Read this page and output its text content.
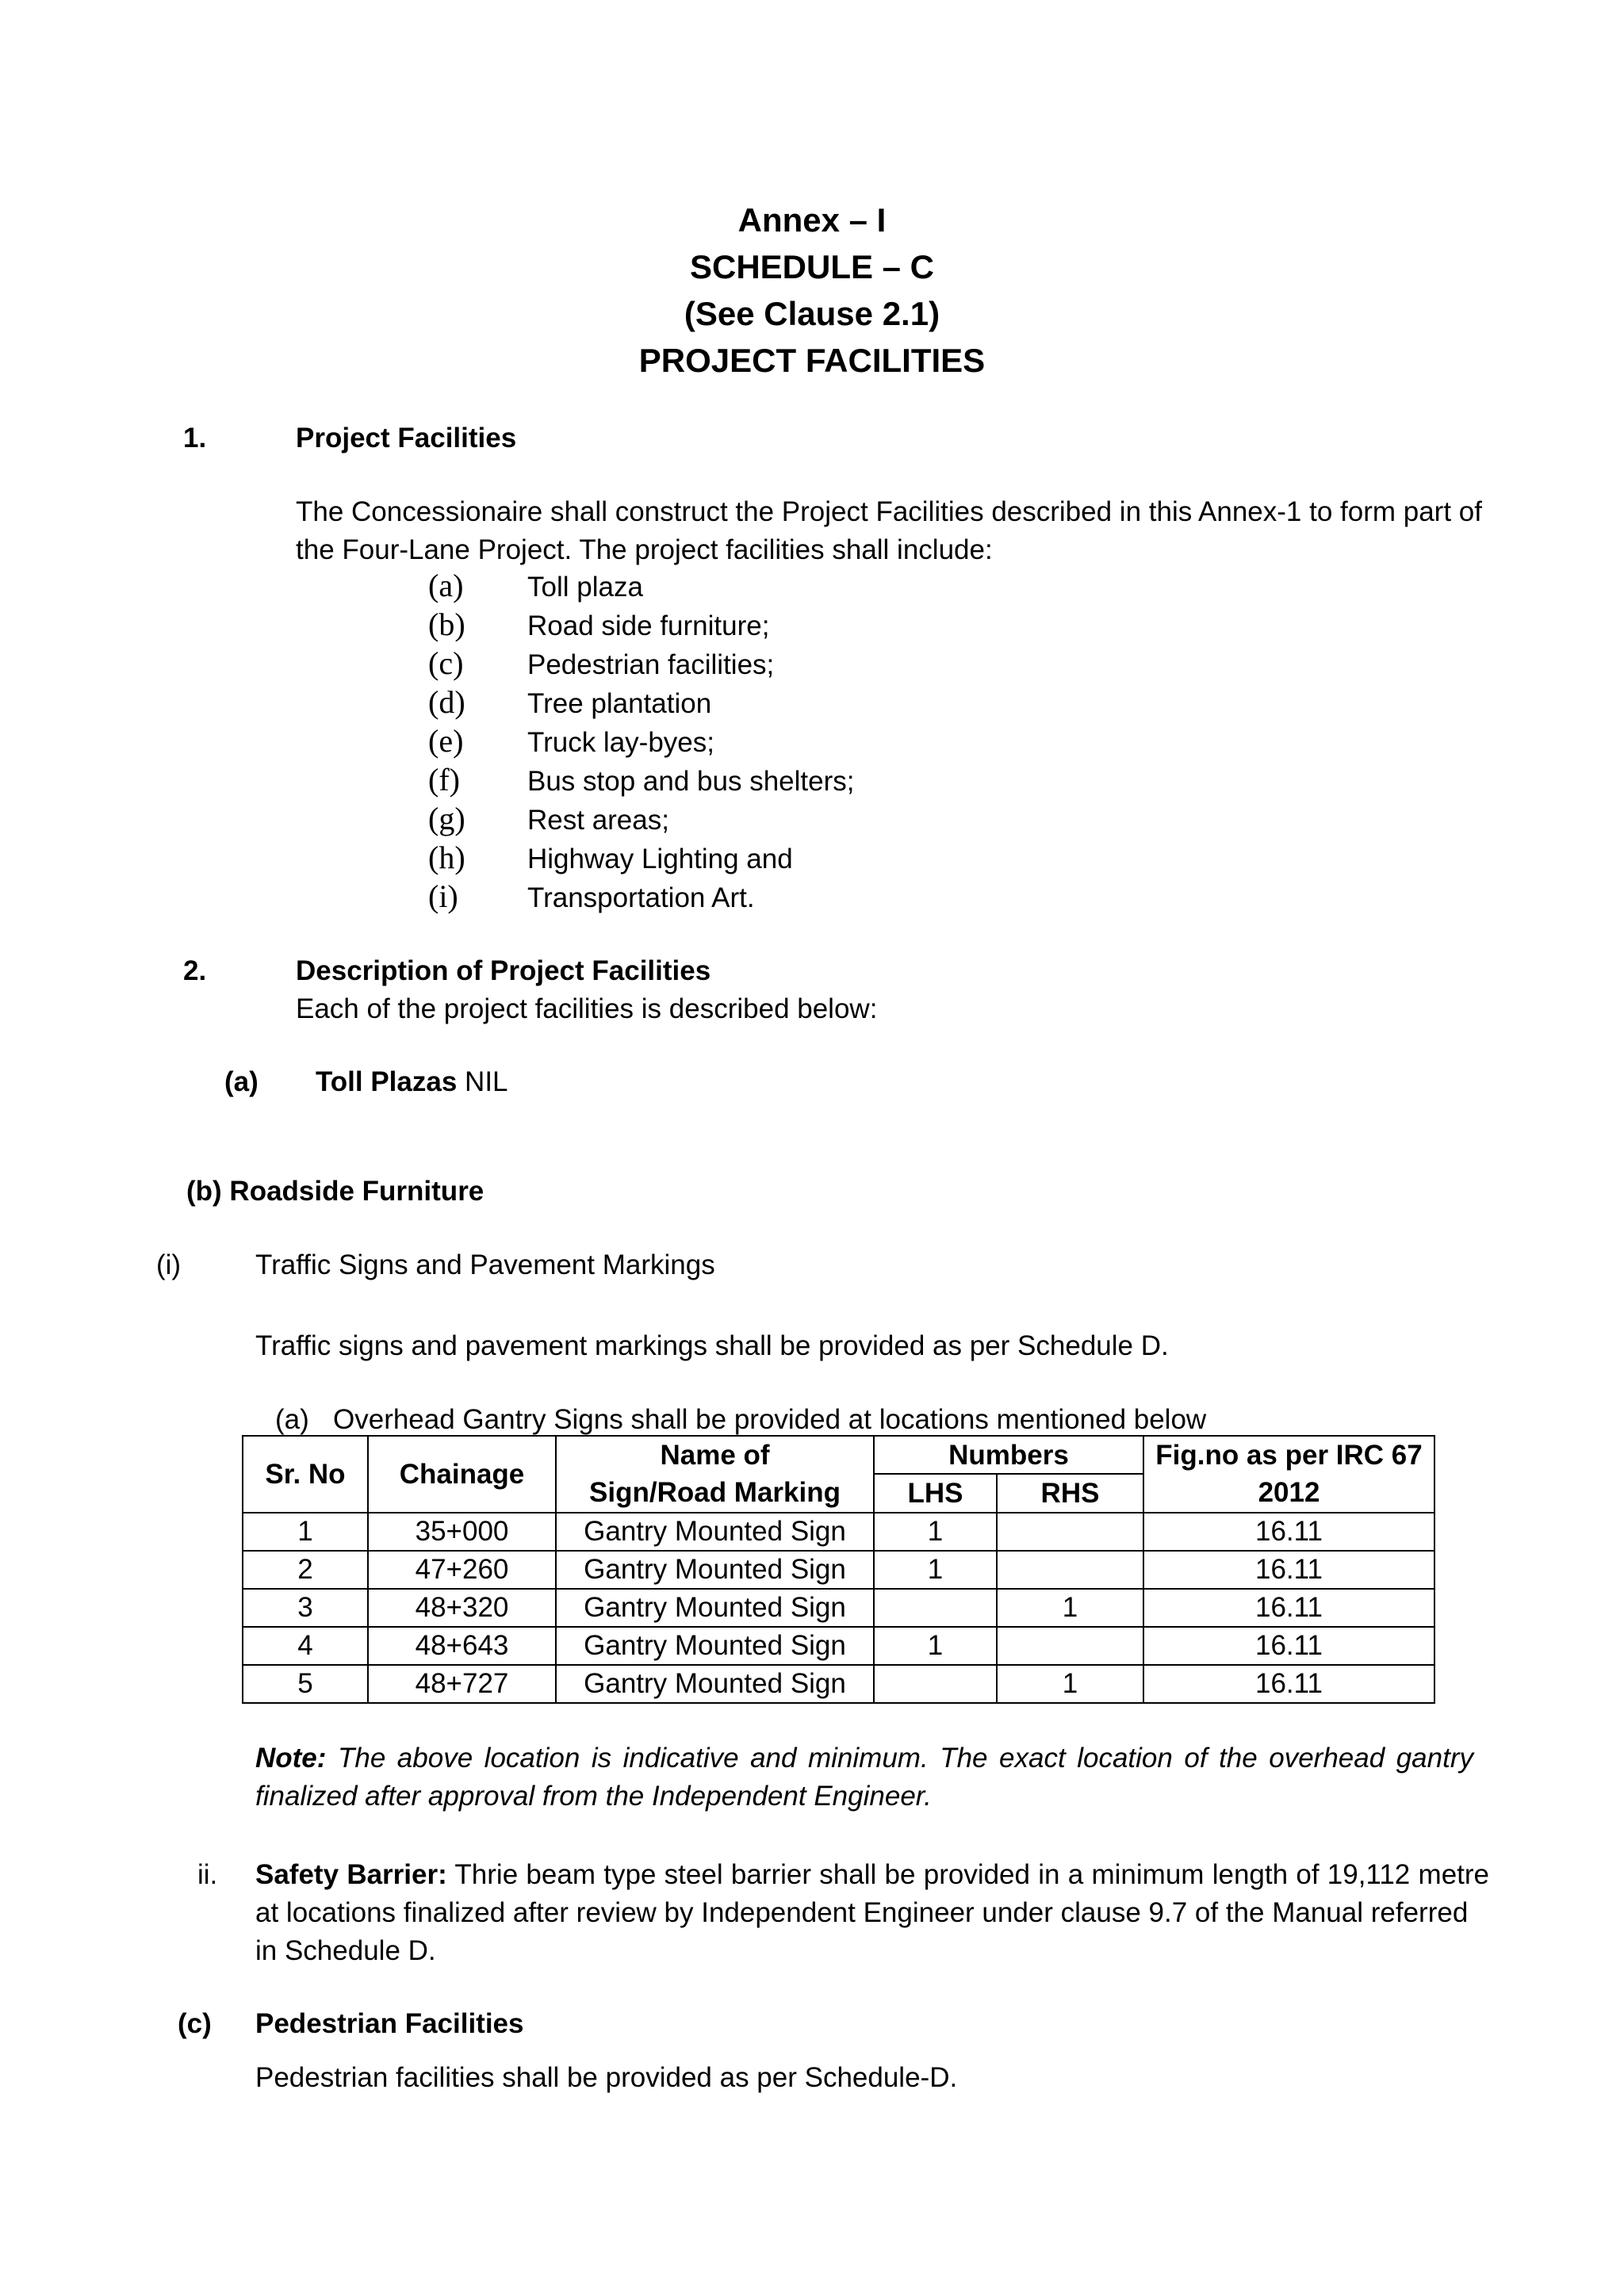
Annex – I
SCHEDULE – C
(See Clause 2.1)
PROJECT FACILITIES
1.	Project Facilities
The Concessionaire shall construct the Project Facilities described in this Annex-1 to form part of
the Four-Lane Project. The project facilities shall include:
(a) Toll plaza
(b) Road side furniture;
(c) Pedestrian facilities;
(d) Tree plantation
(e) Truck lay-byes;
(f) Bus stop and bus shelters;
(g) Rest areas;
(h) Highway Lighting and
(i) Transportation Art.
2.	Description of Project Facilities
Each of the project facilities is described below:
(a) Toll Plazas NIL
(b) Roadside Furniture
(i)	Traffic Signs and Pavement Markings
Traffic signs and pavement markings shall be provided as per Schedule D.
(a) Overhead Gantry Signs shall be provided at locations mentioned below
Sr. No	Chainage	Name of Sign/Road Marking	Numbers		Fig.no as per IRC 67 2012
			LHS	RHS	
1	35+000	Gantry Mounted Sign	1		16.11
2	47+260	Gantry Mounted Sign	1		16.11
3	48+320	Gantry Mounted Sign		1	16.11
4	48+643	Gantry Mounted Sign	1		16.11
5	48+727	Gantry Mounted Sign		1	16.11
Note: The above location is indicative and minimum. The exact location of the overhead gantry
finalized after approval from the Independent Engineer.
ii. Safety Barrier: Thrie beam type steel barrier shall be provided in a minimum length of 19,112 metre
at locations finalized after review by Independent Engineer under clause 9.7 of the Manual referred
in Schedule D.
(c) Pedestrian Facilities
Pedestrian facilities shall be provided as per Schedule-D.
